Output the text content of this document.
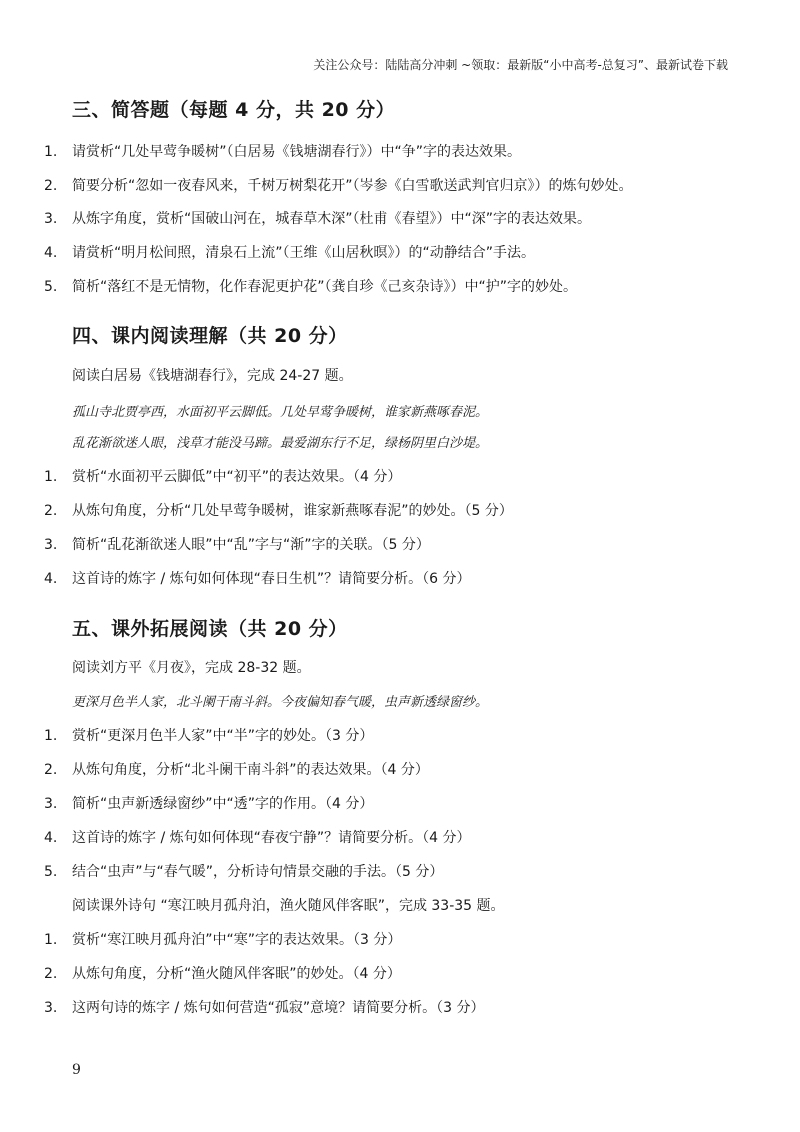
关注公众号：陆陆高分冲刺 ~领取：最新版“小中高考-总复习”、最新试卷下载
三、简答题（每题 4 分，共 20 分）
1. 请赏析“几处早莺争暖树”（白居易《钱塘湖春行》）中“争”字的表达效果。
2. 简要分析“忽如一夜春风来，千树万树梨花开”（岑参《白雪歌送武判官归京》）的炼句妙处。
3. 从炼字角度，赏析“国破山河在，城春草木深”（杜甫《春望》）中“深”字的表达效果。
4. 请赏析“明月松间照，清泉石上流”（王维《山居秋暝》）的“动静结合”手法。
5. 简析“落红不是无情物，化作春泥更护花”（龚自珍《己亥杂诗》）中“护”字的妙处。
四、课内阅读理解（共 20 分）
阅读白居易《钱塘湖春行》，完成 24-27 题。
孤山寺北贾亭西，水面初平云脚低。几处早莺争暖树，谁家新燕啄春泥。
乱花渐欲迷人眼，浅草才能没马蹄。最爱湖东行不足，绿杨阴里白沙堤。
1. 赏析“水面初平云脚低”中“初平”的表达效果。（4 分）
2. 从炼句角度，分析“几处早莺争暖树，谁家新燕啄春泥”的妙处。（5 分）
3. 简析“乱花渐欲迷人眼”中“乱”字与“渐”字的关联。（5 分）
4. 这首诗的炼字 / 炼句如何体现“春日生机”？请简要分析。（6 分）
五、课外拓展阅读（共 20 分）
阅读刘方平《月夜》，完成 28-32 题。
更深月色半人家，北斗阑干南斗斜。今夜偏知春气暖，虫声新透绿窗纱。
1. 赏析“更深月色半人家”中“半”字的妙处。（3 分）
2. 从炼句角度，分析“北斗阑干南斗斜”的表达效果。（4 分）
3. 简析“虫声新透绿窗纱”中“透”字的作用。（4 分）
4. 这首诗的炼字 / 炼句如何体现“春夜宁静”？请简要分析。（4 分）
5. 结合“虫声”与“春气暖”，分析诗句情景交融的手法。（5 分）
阅读课外诗句 “寒江映月孤舟泊，渔火随风伴客眠”，完成 33-35 题。
1. 赏析“寒江映月孤舟泊”中“寒”字的表达效果。（3 分）
2. 从炼句角度，分析“渔火随风伴客眠”的妙处。（4 分）
3. 这两句诗的炼字 / 炼句如何营造“孤寂”意境？请简要分析。（3 分）
9
